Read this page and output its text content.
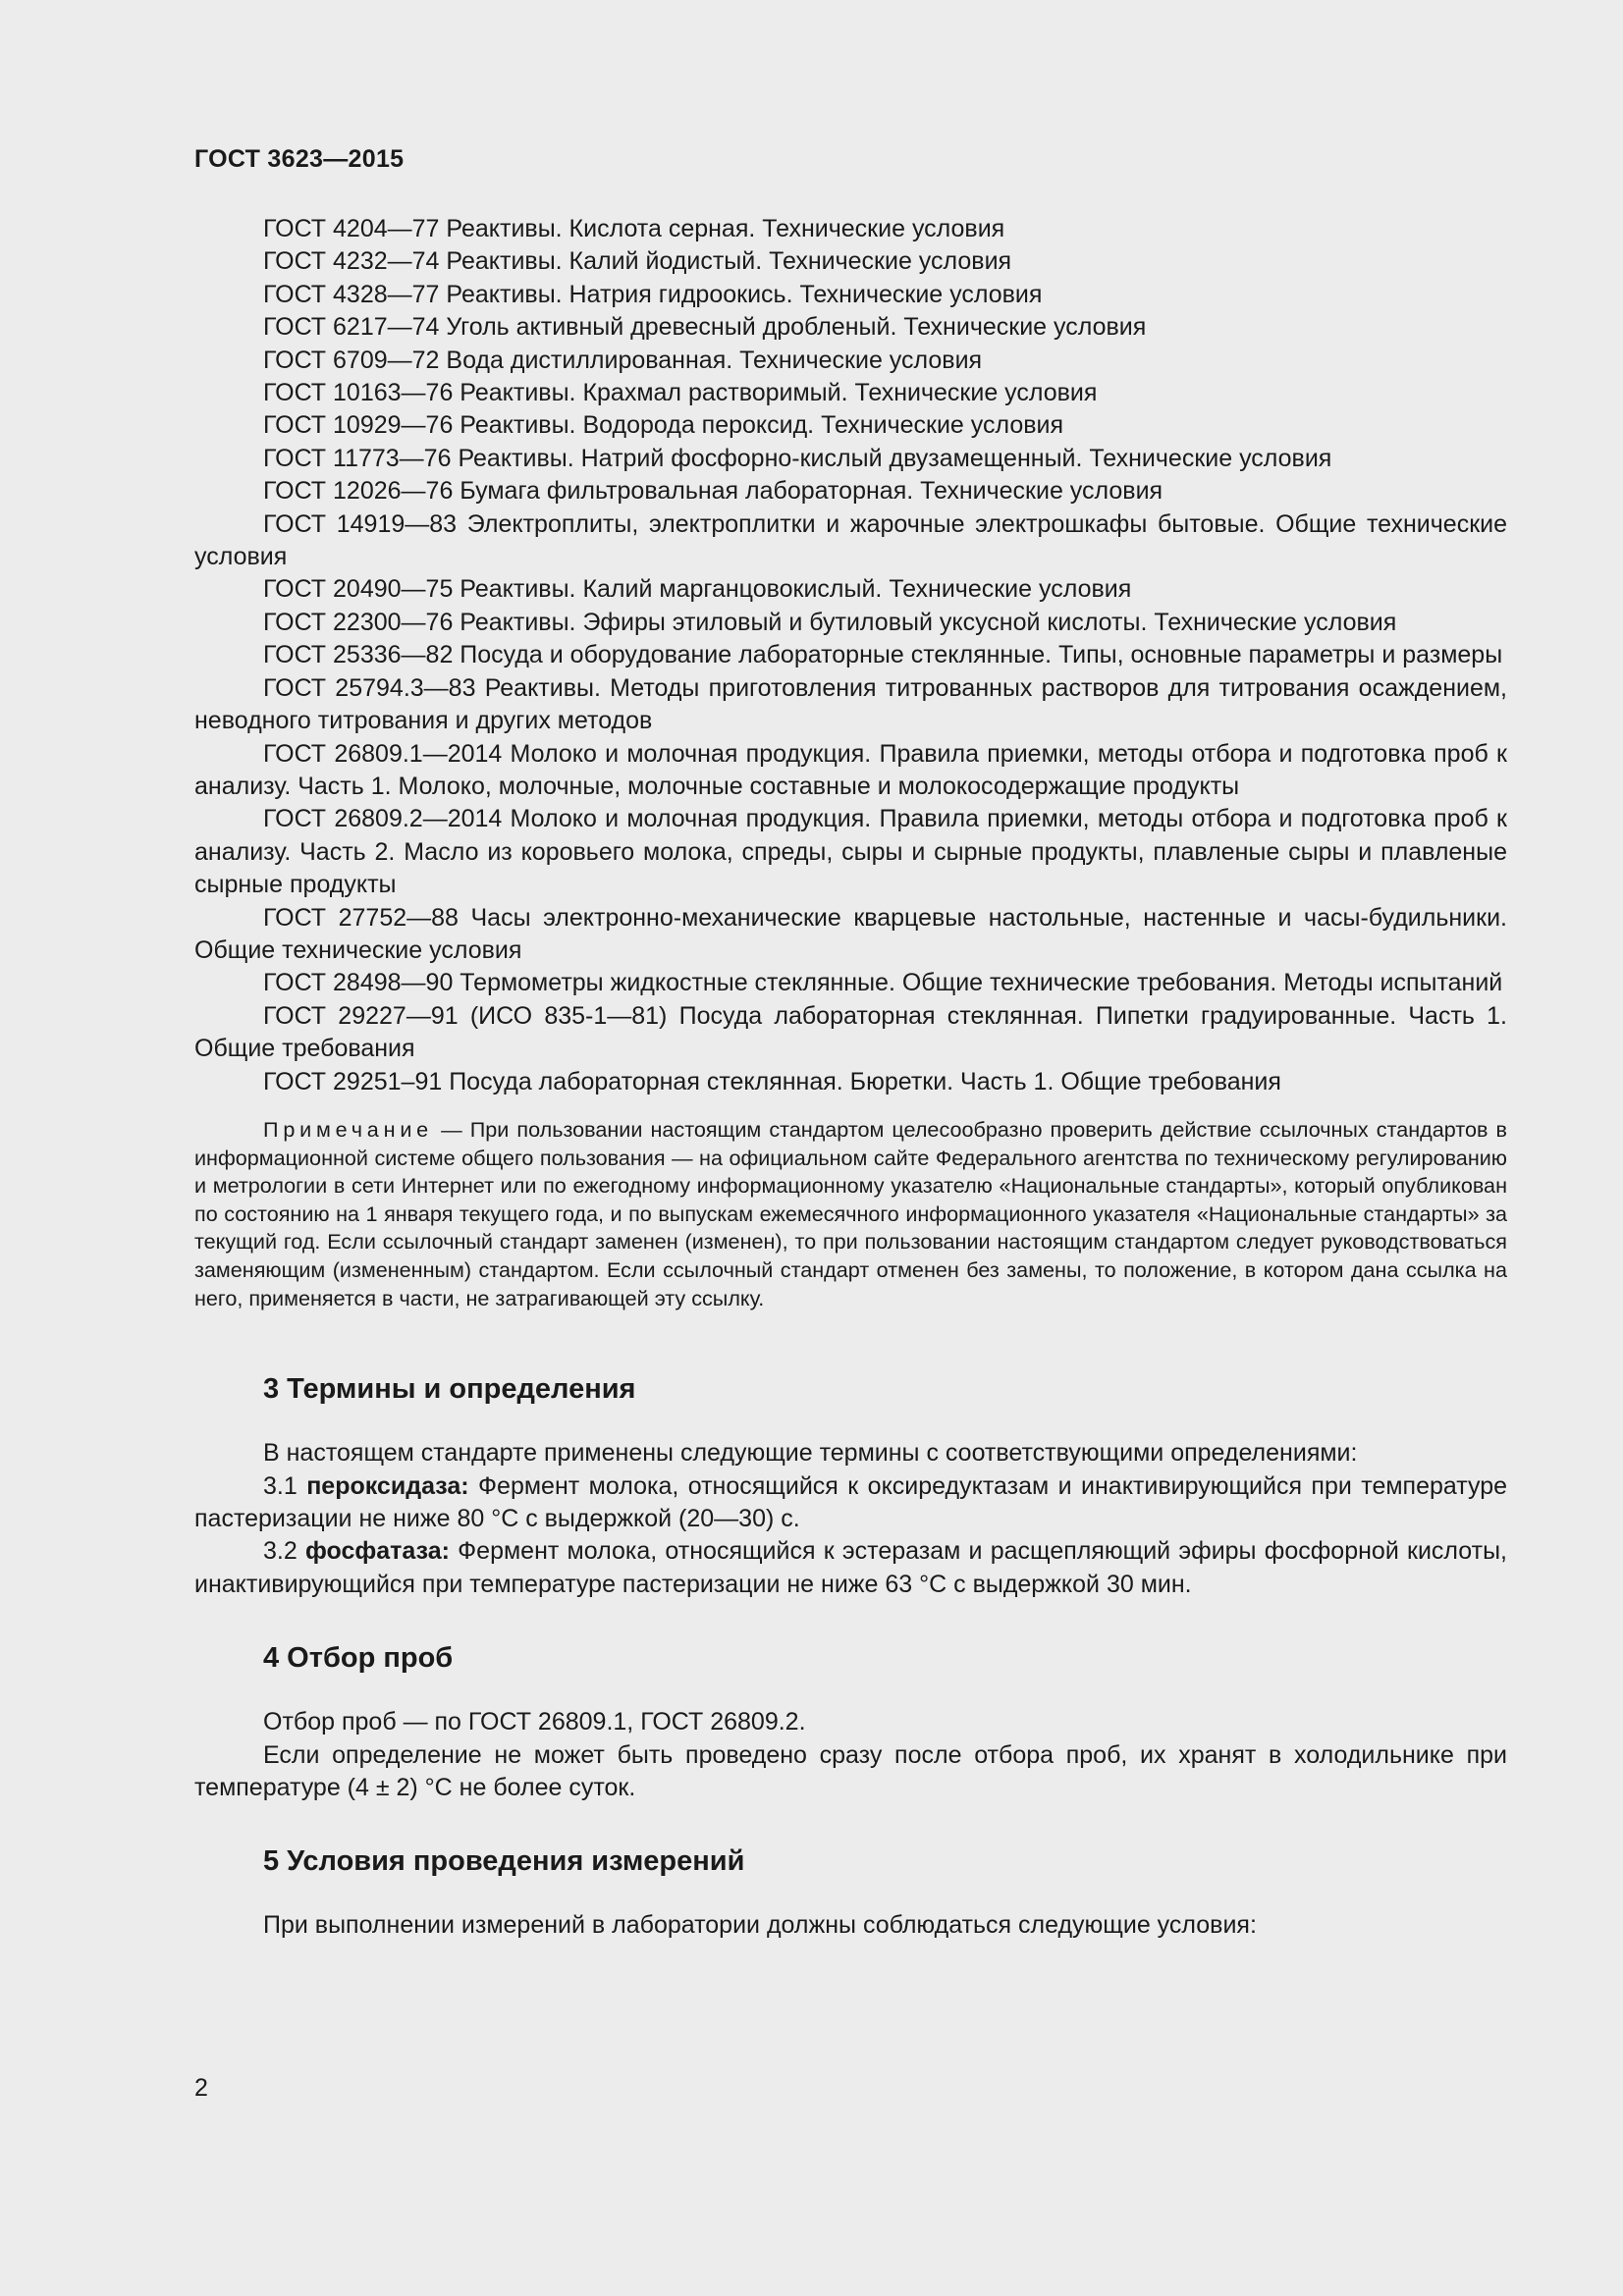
ГОСТ 3623—2015

ГОСТ 4204—77 Реактивы. Кислота серная. Технические условия

ГОСТ 4232—74 Реактивы. Калий йодистый. Технические условия

ГОСТ 4328—77 Реактивы. Натрия гидроокись. Технические условия

ГОСТ 6217—74 Уголь активный древесный дробленый. Технические условия

ГОСТ 6709—72 Вода дистиллированная. Технические условия

ГОСТ 10163—76 Реактивы. Крахмал растворимый. Технические условия

ГОСТ 10929—76 Реактивы. Водорода пероксид. Технические условия

ГОСТ 11773—76 Реактивы. Натрий фосфорно-кислый двузамещенный. Технические условия

ГОСТ 12026—76 Бумага фильтровальная лабораторная. Технические условия

ГОСТ 14919—83 Электроплиты, электроплитки и жарочные электрошкафы бытовые. Общие технические условия

ГОСТ 20490—75 Реактивы. Калий марганцовокислый. Технические условия

ГОСТ 22300—76 Реактивы. Эфиры этиловый и бутиловый уксусной кислоты. Технические условия

ГОСТ 25336—82 Посуда и оборудование лабораторные стеклянные. Типы, основные параметры и размеры

ГОСТ 25794.3—83 Реактивы. Методы приготовления титрованных растворов для титрования осаждением, неводного титрования и других методов

ГОСТ 26809.1—2014 Молоко и молочная продукция. Правила приемки, методы отбора и подготовка проб к анализу. Часть 1. Молоко, молочные, молочные составные и молокосодержащие продукты

ГОСТ 26809.2—2014 Молоко и молочная продукция. Правила приемки, методы отбора и подготовка проб к анализу. Часть 2. Масло из коровьего молока, спреды, сыры и сырные продукты, плавленые сыры и плавленые сырные продукты

ГОСТ 27752—88 Часы электронно-механические кварцевые настольные, настенные и часы-будильники. Общие технические условия

ГОСТ 28498—90 Термометры жидкостные стеклянные. Общие технические требования. Методы испытаний

ГОСТ 29227—91 (ИСО 835-1—81) Посуда лабораторная стеклянная. Пипетки градуированные. Часть 1. Общие требования

ГОСТ 29251–91 Посуда лабораторная стеклянная. Бюретки. Часть 1. Общие требования

Примечание — При пользовании настоящим стандартом целесообразно проверить действие ссылочных стандартов в информационной системе общего пользования — на официальном сайте Федерального агентства по техническому регулированию и метрологии в сети Интернет или по ежегодному информационному указателю «Национальные стандарты», который опубликован по состоянию на 1 января текущего года, и по выпускам ежемесячного информационного указателя «Национальные стандарты» за текущий год. Если ссылочный стандарт заменен (изменен), то при пользовании настоящим стандартом следует руководствоваться заменяющим (измененным) стандартом. Если ссылочный стандарт отменен без замены, то положение, в котором дана ссылка на него, применяется в части, не затрагивающей эту ссылку.
3 Термины и определения

В настоящем стандарте применены следующие термины с соответствующими определениями:

3.1 пероксидаза: Фермент молока, относящийся к оксиредуктазам и инактивирующийся при температуре пастеризации не ниже 80 °С с выдержкой (20—30) с.

3.2 фосфатаза: Фермент молока, относящийся к эстеразам и расщепляющий эфиры фосфорной кислоты, инактивирующийся при температуре пастеризации не ниже 63 °С с выдержкой 30 мин.

4 Отбор проб

Отбор проб — по ГОСТ 26809.1, ГОСТ 26809.2.

Если определение не может быть проведено сразу после отбора проб, их хранят в холодильнике при температуре (4 ± 2) °С не более суток.

5 Условия проведения измерений

При выполнении измерений в лаборатории должны соблюдаться следующие условия:

2
